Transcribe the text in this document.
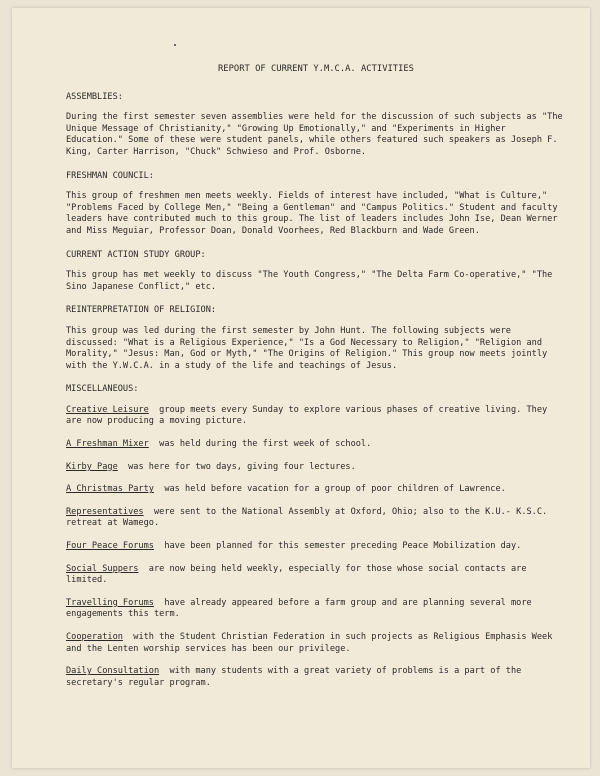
REPORT OF CURRENT Y.M.C.A. ACTIVITIES
ASSEMBLIES:
During the first semester seven assemblies were held for the discussion of such subjects as "The Unique Message of Christianity," "Growing Up Emotionally," and "Experiments in Higher Education." Some of these were student panels, while others featured such speakers as Joseph F. King, Carter Harrison, "Chuck" Schwieso and Prof. Osborne.
FRESHMAN COUNCIL:
This group of freshmen men meets weekly. Fields of interest have included, "What is Culture," "Problems Faced by College Men," "Being a Gentleman" and "Campus Politics." Student and faculty leaders have contributed much to this group. The list of leaders includes John Ise, Dean Werner and Miss Meguiar, Professor Doan, Donald Voorhees, Red Blackburn and Wade Green.
CURRENT ACTION STUDY GROUP:
This group has met weekly to discuss "The Youth Congress," "The Delta Farm Co-operative," "The Sino Japanese Conflict," etc.
REINTERPRETATION OF RELIGION:
This group was led during the first semester by John Hunt. The following subjects were discussed: "What is a Religious Experience," "Is a God Necessary to Religion," "Religion and Morality," "Jesus: Man, God or Myth," "The Origins of Religion." This group now meets jointly with the Y.W.C.A. in a study of the life and teachings of Jesus.
MISCELLANEOUS:
Creative Leisure group meets every Sunday to explore various phases of creative living. They are now producing a moving picture.
A Freshman Mixer was held during the first week of school.
Kirby Page was here for two days, giving four lectures.
A Christmas Party was held before vacation for a group of poor children of Lawrence.
Representatives were sent to the National Assembly at Oxford, Ohio; also to the K.U.- K.S.C. retreat at Wamego.
Four Peace Forums have been planned for this semester preceding Peace Mobilization day.
Social Suppers are now being held weekly, especially for those whose social contacts are limited.
Travelling Forums have already appeared before a farm group and are planning several more engagements this term.
Cooperation with the Student Christian Federation in such projects as Religious Emphasis Week and the Lenten worship services has been our privilege.
Daily Consultation with many students with a great variety of problems is a part of the secretary's regular program.
